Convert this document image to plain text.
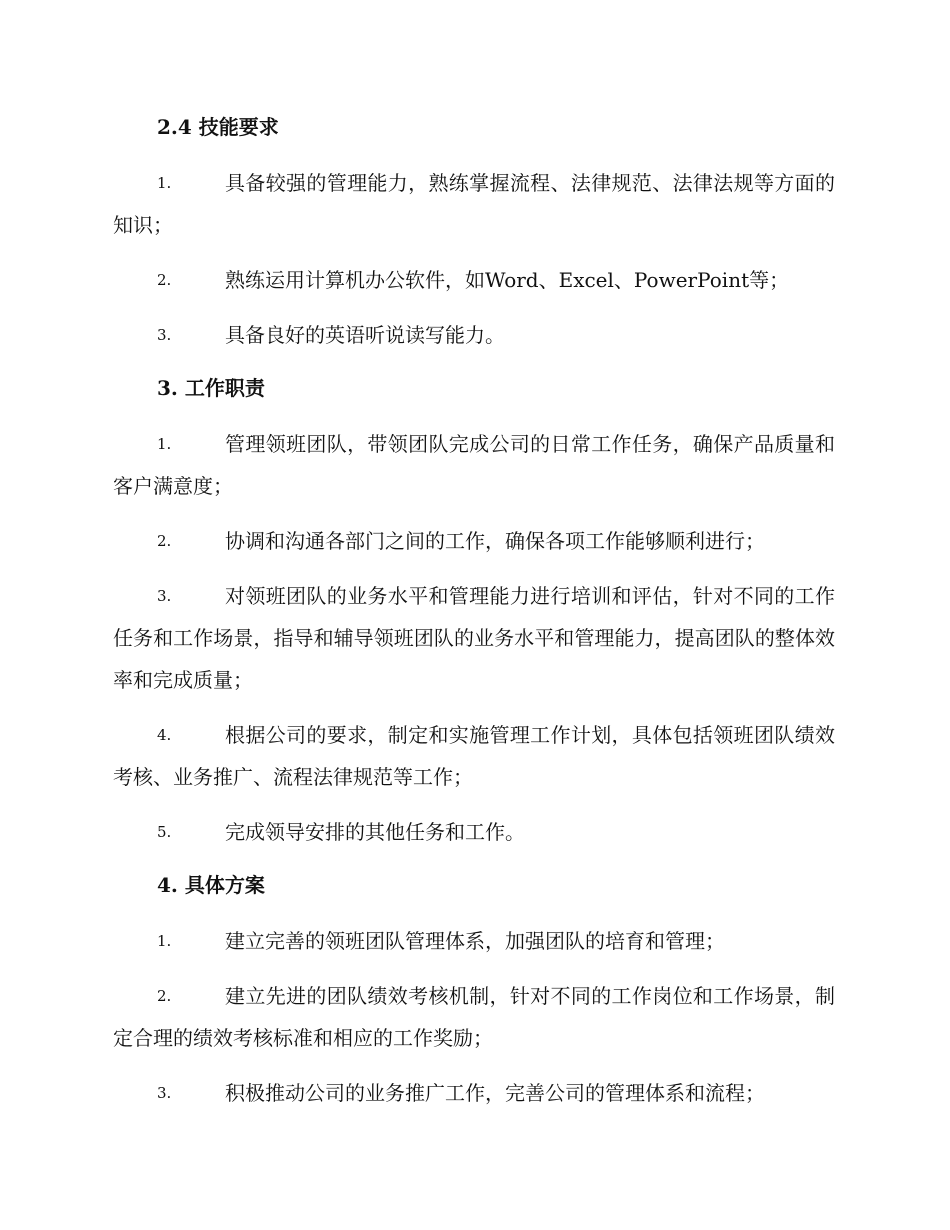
2.4 技能要求
1.	具备较强的管理能力，熟练掌握流程、法律规范、法律法规等方面的知识；
2.	熟练运用计算机办公软件，如Word、Excel、PowerPoint等；
3.	具备良好的英语听说读写能力。
3. 工作职责
1.	管理领班团队，带领团队完成公司的日常工作任务，确保产品质量和客户满意度；
2.	协调和沟通各部门之间的工作，确保各项工作能够顺利进行；
3.	对领班团队的业务水平和管理能力进行培训和评估，针对不同的工作任务和工作场景，指导和辅导领班团队的业务水平和管理能力，提高团队的整体效率和完成质量；
4.	根据公司的要求，制定和实施管理工作计划，具体包括领班团队绩效考核、业务推广、流程法律规范等工作；
5.	完成领导安排的其他任务和工作。
4. 具体方案
1.	建立完善的领班团队管理体系，加强团队的培育和管理；
2.	建立先进的团队绩效考核机制，针对不同的工作岗位和工作场景，制定合理的绩效考核标准和相应的工作奖励；
3.	积极推动公司的业务推广工作，完善公司的管理体系和流程；
